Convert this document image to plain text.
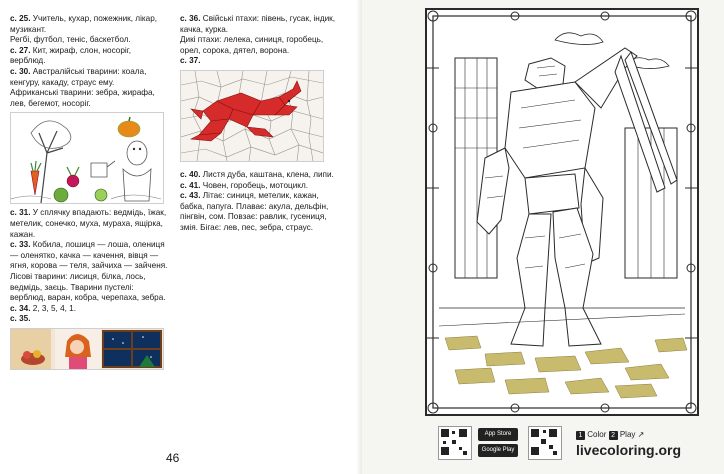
с. 25. Учитель, кухар, пожежник, лікар, музикант.
Регбі, футбол, теніс, баскетбол.

с. 27. Кит, жираф, слон, носоріг, верблюд.

с. 30. Австралійські тварини: коала, кенгуру, какаду, страус ему.
Африканські тварини: зебра, жирафа, лев, бегемот, носоріг.

с. 31. У сплячку впадають: ведмідь, їжак, метелик, сонечко, муха, мураха, ящірка, кажан.

с. 33. Кобила, лошиця — лоша, олениця — оленятко, качка — качення, вівця — ягня, корова — теля, зайчиха — зайченя.
Лісові тварини: лисиця, білка, лось, ведмідь, заєць. Тварини пустелі: верблюд, варан, кобра, черепаха, зебра.

с. 34. 2, 3, 5, 4, 1.

с. 35.

с. 36. Свійські птахи: півень, гусак, індик, качка, курка.
Дикі птахи: лелека, синиця, горобець, орел, сорока, дятел, ворона.

с. 37.

с. 40. Листя дуба, каштана, клена, липи.

с. 41. Човен, горобець, мотоцикл.

с. 43. Літає: синиця, метелик, кажан, бабка, папуга. Плаває: акула, дельфін, пінгвін, сом. Повзає: равлик, гусениця, змія. Бігає: лев, пес, зебра, страус.

46
App Store
Google Play
1 Color 2 Play ↗
livecoloring.org
